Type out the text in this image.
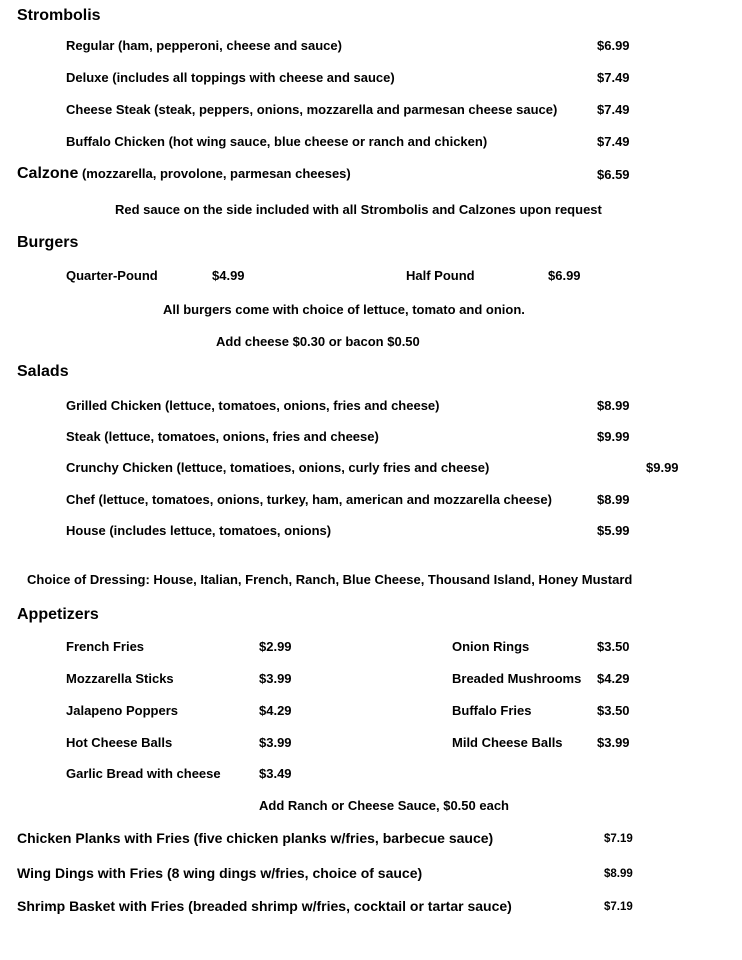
Strombolis
Regular (ham, pepperoni, cheese and sauce)	$6.99
Deluxe (includes all toppings with cheese and sauce)	$7.49
Cheese Steak (steak, peppers, onions, mozzarella and parmesan cheese sauce)	$7.49
Buffalo Chicken (hot wing sauce, blue cheese or ranch and chicken)	$7.49
Calzone (mozzarella, provolone, parmesan cheeses)	$6.59
Red sauce on the side included with all Strombolis and Calzones upon request
Burgers
Quarter-Pound	$4.99	Half Pound	$6.99
All burgers come with choice of lettuce, tomato and onion.
Add cheese $0.30 or bacon $0.50
Salads
Grilled Chicken (lettuce, tomatoes, onions, fries and cheese)	$8.99
Steak (lettuce, tomatoes, onions, fries and cheese)	$9.99
Crunchy Chicken (lettuce, tomatioes, onions, curly fries and cheese)	$9.99
Chef (lettuce, tomatoes, onions, turkey, ham, american and mozzarella cheese)	$8.99
House (includes lettuce, tomatoes, onions)	$5.99
Choice of Dressing: House, Italian, French, Ranch, Blue Cheese, Thousand Island, Honey Mustard
Appetizers
French Fries	$2.99	Onion Rings	$3.50
Mozzarella Sticks	$3.99	Breaded Mushrooms $4.29
Jalapeno Poppers	$4.29	Buffalo Fries	$3.50
Hot Cheese Balls	$3.99	Mild Cheese Balls	$3.99
Garlic Bread with cheese	$3.49
Add Ranch or Cheese Sauce, $0.50 each
Chicken Planks with Fries (five chicken planks w/fries, barbecue sauce)	$7.19
Wing Dings with Fries (8 wing dings w/fries, choice of sauce)	$8.99
Shrimp Basket with Fries (breaded shrimp w/fries, cocktail or tartar sauce)	$7.19
